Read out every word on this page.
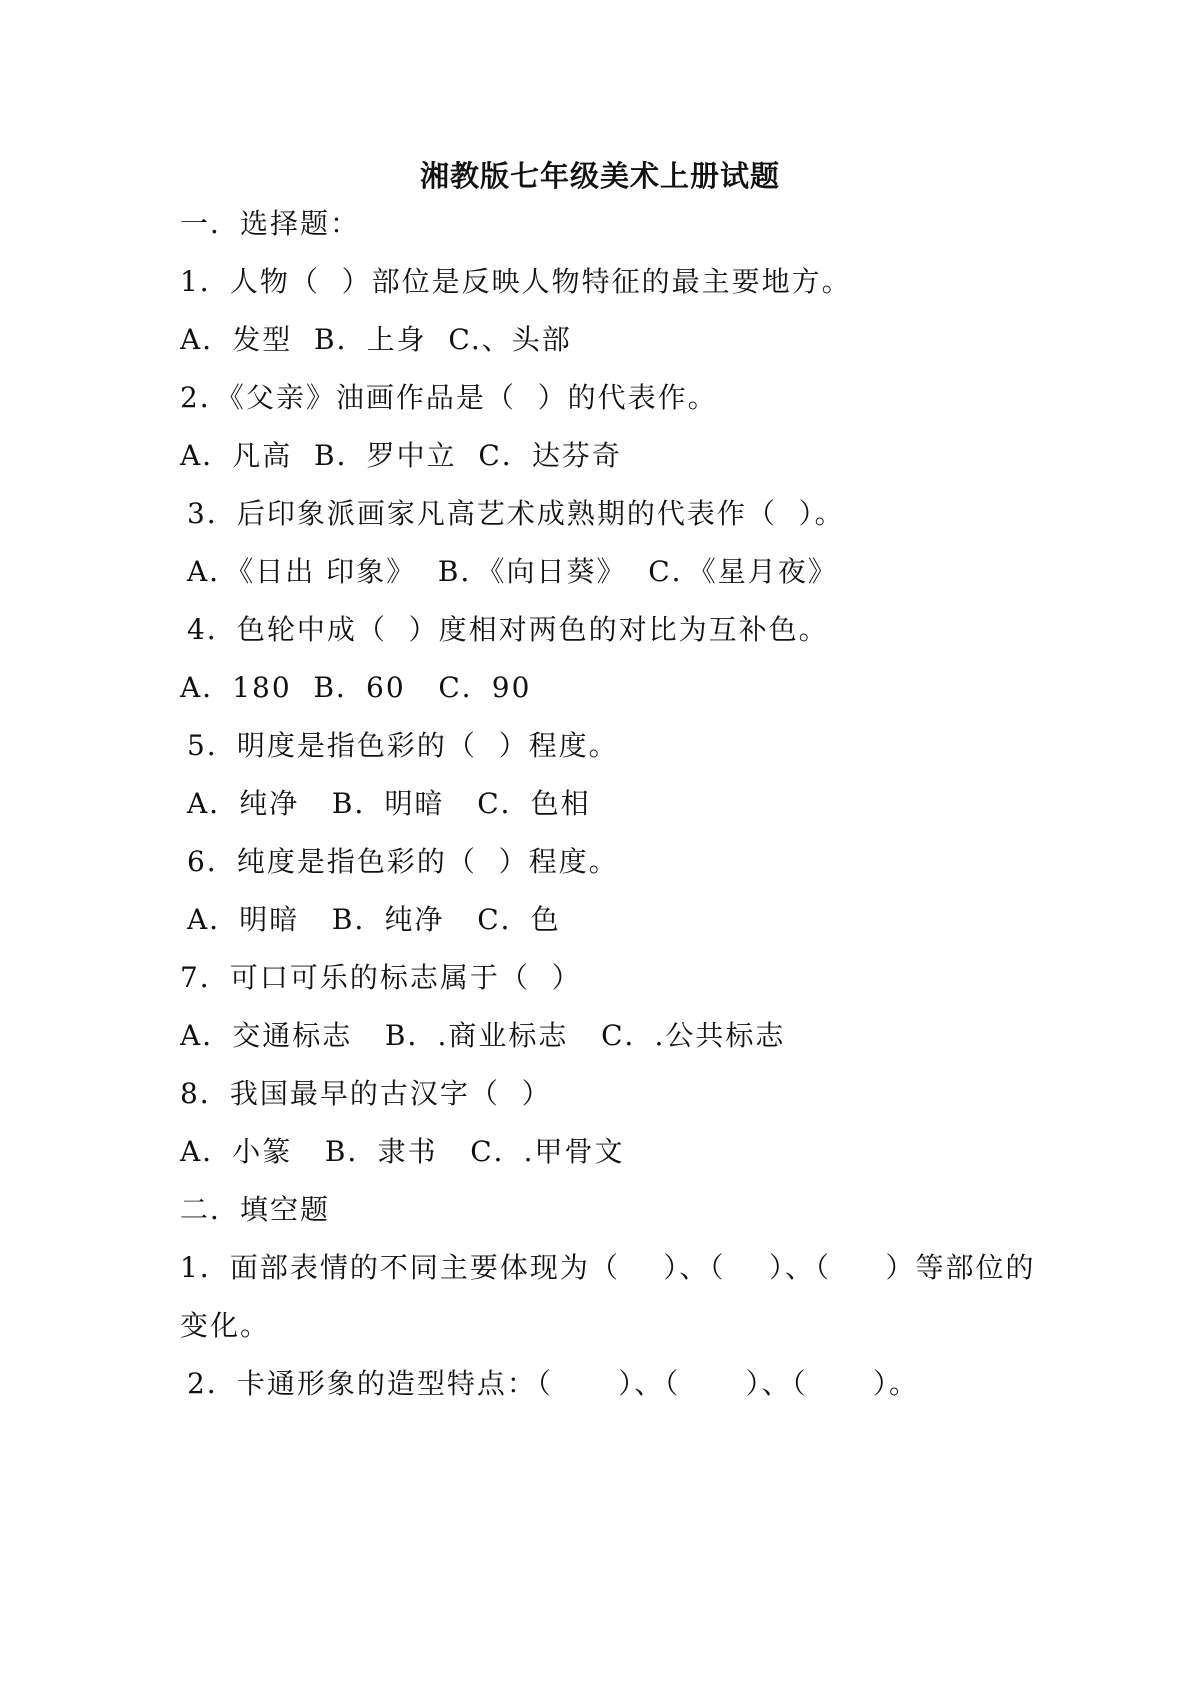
湘教版七年级美术上册试题
一．选择题：
1．人物（  ）部位是反映人物特征的最主要地方。
A．发型  B．上身  C.、头部
2．《父亲》油画作品是（  ）的代表作。
A．凡高  B．罗中立  C．达芬奇
3．后印象派画家凡高艺术成熟期的代表作（  ）。
A．《日出 印象》  B．《向日葵》  C．《星月夜》
4．色轮中成（  ）度相对两色的对比为互补色。
A．180  B．60   C．90
5．明度是指色彩的（  ）程度。
A．纯净   B．明暗   C．色相
6．纯度是指色彩的（  ）程度。
A．明暗   B．纯净   C．色
7．可口可乐的标志属于（  ）
A．交通标志   B．.商业标志   C．.公共标志
8．我国最早的古汉字（  ）
A．小篆   B．隶书   C．.甲骨文
二．填空题
1．面部表情的不同主要体现为（    ）、（    ）、（     ）等部位的
变化。
2．卡通形象的造型特点：（      ）、（      ）、（      ）。
